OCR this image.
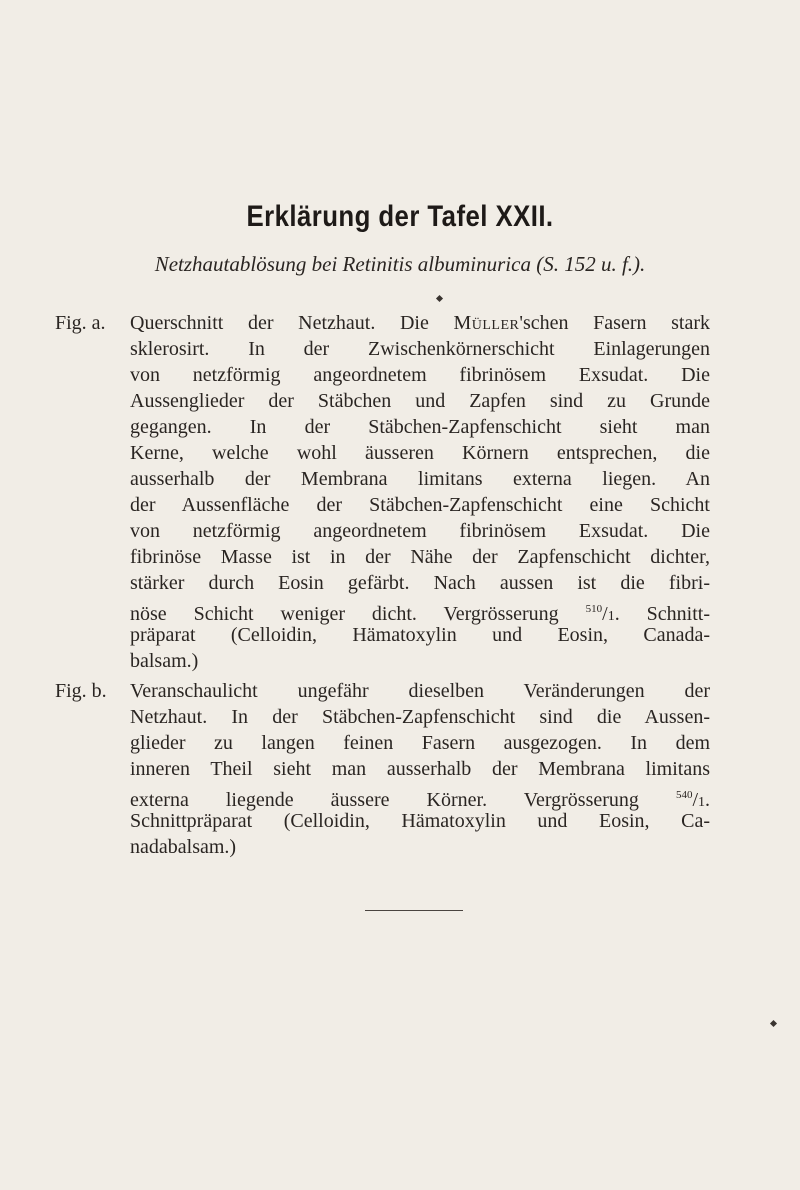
Erklärung der Tafel XXII.
Netzhautablösung bei Retinitis albuminurica (S. 152 u. f.).
Fig. a. Querschnitt der Netzhaut. Die Müller'schen Fasern stark
sklerosirt. In der Zwischenkörnerschicht Einlagerungen
von netzförmig angeordnetem fibrinösem Exsudat. Die
Aussenglieder der Stäbchen und Zapfen sind zu Grunde
gegangen. In der Stäbchen-Zapfenschicht sieht man
Kerne, welche wohl äusseren Körnern entsprechen, die
ausserhalb der Membrana limitans externa liegen. An
der Aussenfläche der Stäbchen-Zapfenschicht eine Schicht
von netzförmig angeordnetem fibrinösem Exsudat. Die
fibrinöse Masse ist in der Nähe der Zapfenschicht dichter,
stärker durch Eosin gefärbt. Nach aussen ist die fibri-
nöse Schicht weniger dicht. Vergrösserung $^{510}$/1. Schnitt-
präparat (Celloidin, Hämatoxylin und Eosin, Canada-
balsam.)
Fig. b. Veranschaulicht ungefähr dieselben Veränderungen der
Netzhaut. In der Stäbchen-Zapfenschicht sind die Aussen-
glieder zu langen feinen Fasern ausgezogen. In dem
inneren Theil sieht man ausserhalb der Membrana limitans
externa liegende äussere Körner. Vergrösserung $^{540}$/1.
Schnittpräparat (Celloidin, Hämatoxylin und Eosin, Ca-
nadabalsam.)
